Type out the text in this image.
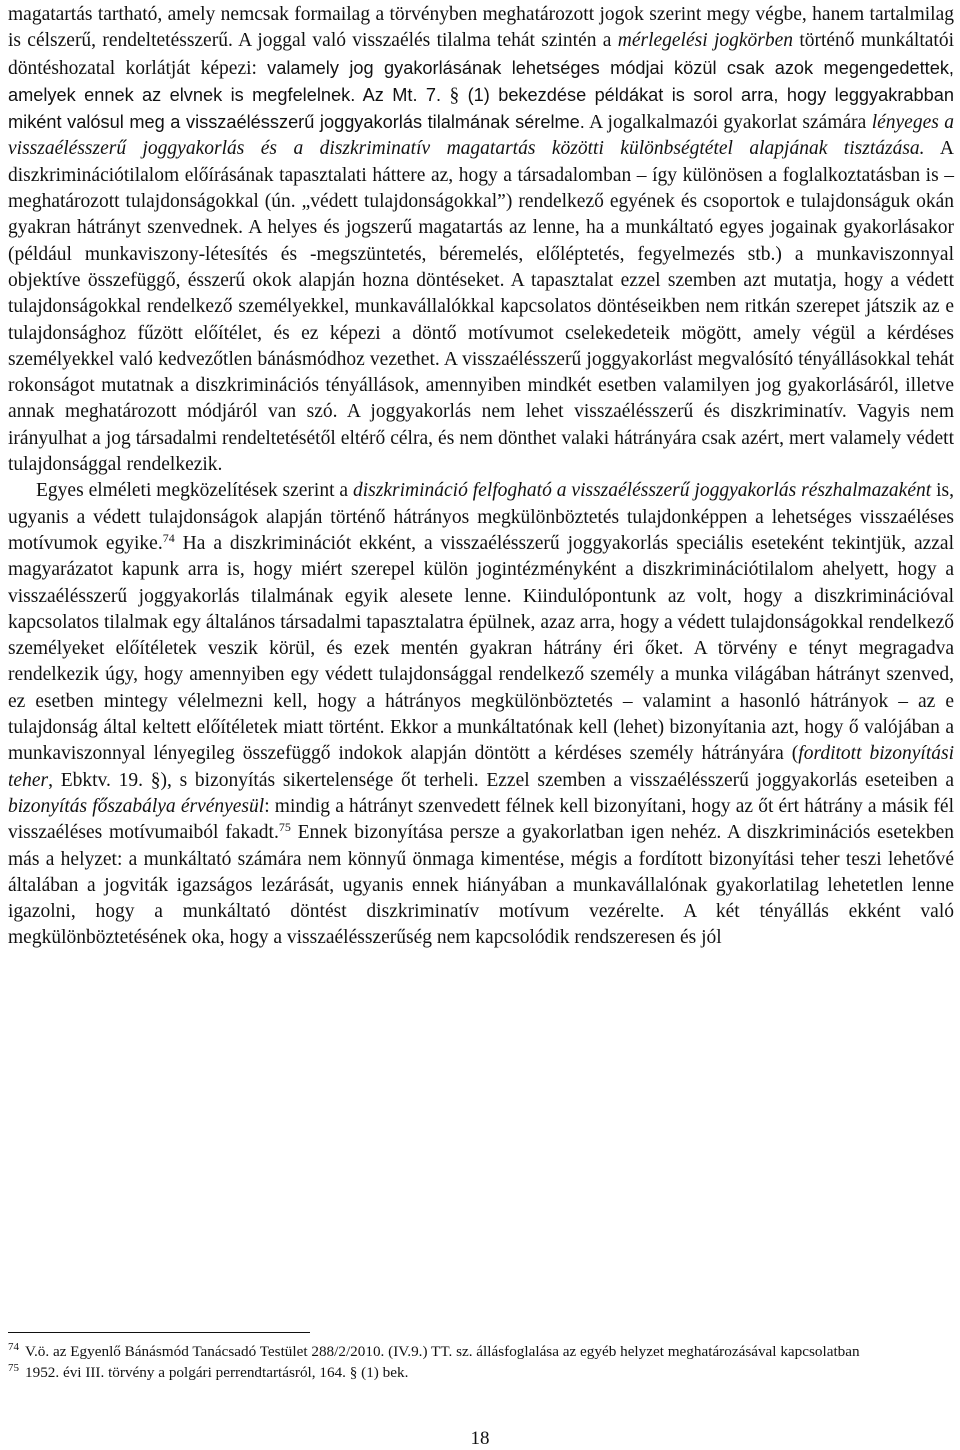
magatartás tartható, amely nemcsak formailag a törvényben meghatározott jogok szerint megy végbe, hanem tartalmilag is célszerű, rendeltetésszerű. A joggal való visszaélés tilalma tehát szintén a mérlegelési jogkörben történő munkáltatói döntéshozatal korlátját képezi: valamely jog gyakorlásának lehetséges módjai közül csak azok megengedettek, amelyek ennek az elvnek is megfelelnek. Az Mt. 7. § (1) bekezdése példákat is sorol arra, hogy leggyakrabban miként valósul meg a visszaélésszerű joggyakorlás tilalmának sérelme. A jogalkalmazói gyakorlat számára lényeges a visszaélésszerű joggyakorlás és a diszkriminatív magatartás közötti különbségtétel alapjának tisztázása. A diszkriminációtilalom előírásának tapasztalati háttere az, hogy a társadalomban – így különösen a foglalkoztatásban is – meghatározott tulajdonságokkal (ún. „védett tulajdonságokkal”) rendelkező egyének és csoportok e tulajdonságuk okán gyakran hátrányt szenvednek. A helyes és jogszerű magatartás az lenne, ha a munkáltató egyes jogainak gyakorlásakor (például munkaviszony-létesítés és -megszüntetés, béremelés, előléptetés, fegyelmezés stb.) a munkaviszonnyal objektíve összefüggő, ésszerű okok alapján hozna döntéseket. A tapasztalat ezzel szemben azt mutatja, hogy a védett tulajdonságokkal rendelkező személyekkel, munkavállalókkal kapcsolatos döntéseikben nem ritkán szerepet játszik az e tulajdonsághoz fűzött előítélet, és ez képezi a döntő motívumot cselekedeteik mögött, amely végül a kérdéses személyekkel való kedvezőtlen bánásmódhoz vezethet. A visszaélésszerű joggyakorlást megvalósító tényállásokkal tehát rokonságot mutatnak a diszkriminációs tényállások, amennyiben mindkét esetben valamilyen jog gyakorlásáról, illetve annak meghatározott módjáról van szó. A joggyakorlás nem lehet visszaélésszerű és diszkriminatív. Vagyis nem irányulhat a jog társadalmi rendeltetésétől eltérő célra, és nem dönthet valaki hátrányára csak azért, mert valamely védett tulajdonsággal rendelkezik.

Egyes elméleti megközelítések szerint a diszkrimináció felfogható a visszaélésszerű joggyakorlás részhalmazaként is, ugyanis a védett tulajdonságok alapján történő hátrányos megkülönböztetés tulajdonképpen a lehetséges visszaéléses motívumok egyike.$^{74}$ Ha a diszkriminációt ekként, a visszaélésszerű joggyakorlás speciális eseteként tekintjük, azzal magyarázatot kapunk arra is, hogy miért szerepel külön jogintézményként a diszkriminációtilalom ahelyett, hogy a visszaélésszerű joggyakorlás tilalmának egyik alesete lenne. Kiindulópontunk az volt, hogy a diszkriminációval kapcsolatos tilalmak egy általános társadalmi tapasztalatra épülnek, azaz arra, hogy a védett tulajdonságokkal rendelkező személyeket előítéletek veszik körül, és ezek mentén gyakran hátrány éri őket. A törvény e tényt megragadva rendelkezik úgy, hogy amennyiben egy védett tulajdonsággal rendelkező személy a munka világában hátrányt szenved, ez esetben mintegy vélelmezni kell, hogy a hátrányos megkülönböztetés – valamint a hasonló hátrányok – az e tulajdonság által keltett előítéletek miatt történt. Ekkor a munkáltatónak kell (lehet) bizonyítania azt, hogy ő valójában a munkaviszonnyal lényegileg összefüggő indokok alapján döntött a kérdéses személy hátrányára (forditott bizonyítási teher, Ebktv. 19. §), s bizonyítás sikertelensége őt terheli. Ezzel szemben a visszaélésszerű joggyakorlás eseteiben a bizonyítás főszabálya érvényesül: mindig a hátrányt szenvedett félnek kell bizonyítani, hogy az őt ért hátrány a másik fél visszaéléses motívumaiból fakadt.$^{75}$ Ennek bizonyítása persze a gyakorlatban igen nehéz. A diszkriminációs esetekben más a helyzet: a munkáltató számára nem könnyű önmaga kimentése, mégis a fordított bizonyítási teher teszi lehetővé általában a jogviták igazságos lezárását, ugyanis ennek hiányában a munkavállalónak gyakorlatilag lehetetlen lenne igazolni, hogy a munkáltató döntést diszkriminatív motívum vezérelte. A két tényállás ekként való megkülönböztetésének oka, hogy a visszaélésszerűség nem kapcsolódik rendszeresen és jól

$^{74}$ V.ö. az Egyenlő Bánásmód Tanácsadó Testület 288/2/2010. (IV.9.) TT. sz. állásfoglalása az egyéb helyzet meghatározásával kapcsolatban

$^{75}$ 1952. évi III. törvény a polgári perrendtartásról, 164. § (1) bek.

18
